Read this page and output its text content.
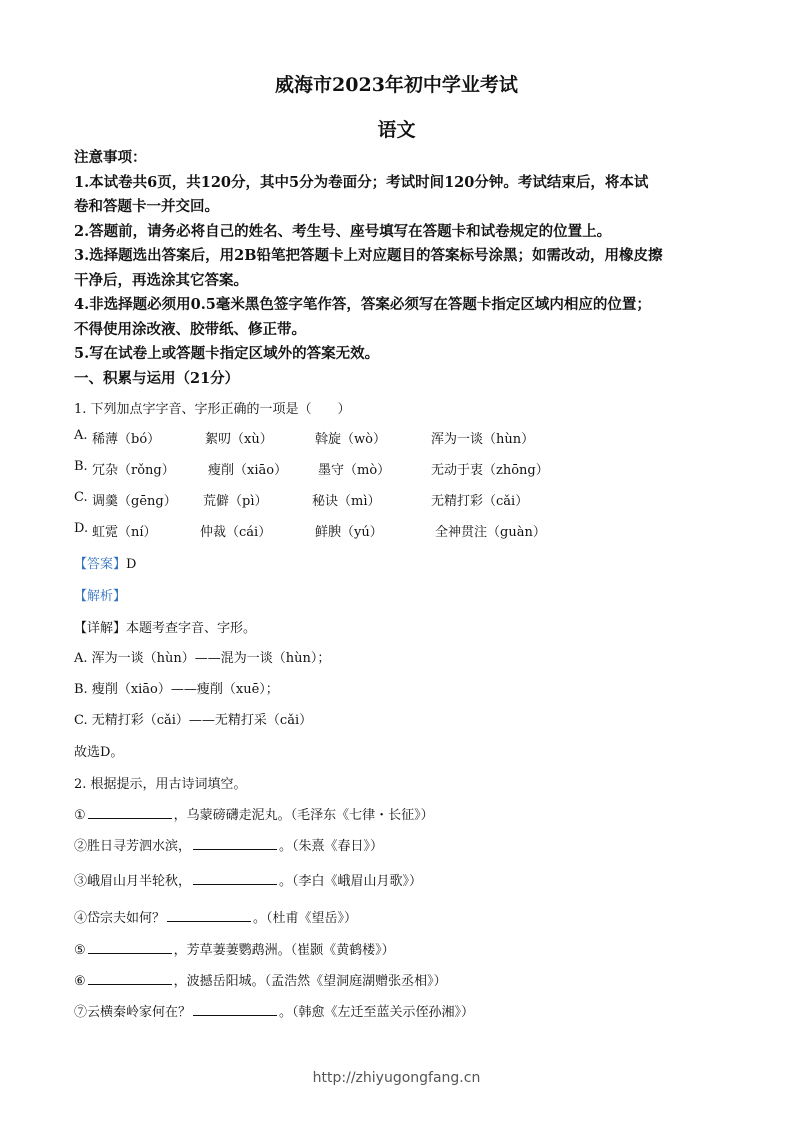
威海市2023年初中学业考试
语文
注意事项：
1.本试卷共6页，共120分，其中5分为卷面分；考试时间120分钟。考试结束后，将本试
卷和答题卡一并交回。
2.答题前，请务必将自己的姓名、考生号、座号填写在答题卡和试卷规定的位置上。
3.选择题选出答案后，用2B铅笔把答题卡上对应题目的答案标号涂黑；如需改动，用橡皮擦
干净后，再选涂其它答案。
4.非选择题必须用0.5毫米黑色签字笔作答，答案必须写在答题卡指定区域内相应的位置；
不得使用涂改液、胶带纸、修正带。
5.写在试卷上或答题卡指定区域外的答案无效。
一、积累与运用（21分）
1. 下列加点字字音、字形正确的一项是（　　）
A. 稀薄（bó）	絮叨（xù）	斡旋（wò）	浑为一谈（hùn）
B. 冗杂（rǒng）	瘦削（xiāo） 墨守（mò）	无动于衷（zhōng）
C. 调羹（gēng） 荒僻（pì）	秘诀（mì）	无精打彩（cǎi）
D. 虹霓（ní）	仲裁（cái）	鲜腴（yú）	全神贯注（guàn）
【答案】D
【解析】
【详解】本题考查字音、字形。
A. 浑为一谈（hùn）——混为一谈（hùn）；
B. 瘦削（xiāo）——瘦削（xuē）；
C. 无精打彩（cǎi）——无精打采（cǎi）
故选D。
2. 根据提示，用古诗词填空。
①	，乌蒙磅礴走泥丸。（毛泽东《七律・长征》）
②胜日寻芳泗水滨，	。（朱熹《春日》）
③峨眉山月半轮秋，	。（李白《峨眉山月歌》）
④岱宗夫如何？	。（杜甫《望岳》）
⑤	，芳草萋萋鹦鹉洲。（崔颢《黄鹤楼》）
⑥	，波撼岳阳城。（孟浩然《望洞庭湖赠张丞相》）
⑦云横秦岭家何在？	。（韩愈《左迁至蓝关示侄孙湘》）
http://zhiyugongfang.cn
